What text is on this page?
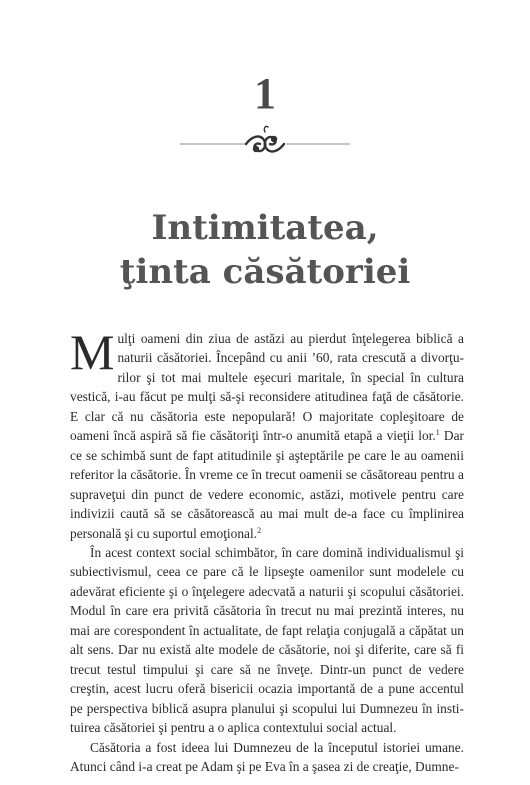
1
Intimitatea,
ţinta căsătoriei

Mulţi oameni din ziua de astăzi au pierdut înţelegerea biblică a naturii căsătoriei. Începând cu anii ’60, rata crescută a divorţurilor şi tot mai multele eşecuri maritale, în special în cultura vestică, i-au făcut pe mulţi să-şi reconsidere atitudinea faţă de căsătorie. E clar că nu căsătoria este nepopulară! O majoritate copleşitoare de oameni încă aspiră să fie căsătoriţi într-o anumită etapă a vieţii lor.$^1$ Dar ce se schimbă sunt de fapt atitudinile şi aşteptările pe care le au oamenii referitor la căsătorie. În vreme ce în trecut oamenii se căsătoreau pentru a supraveţui din punct de vedere economic, astăzi, motivele pentru care indivizii caută să se căsătorească au mai mult de-a face cu împlinirea personală şi cu suportul emoţional.$^2$

În acest context social schimbător, în care domină individualismul şi subiectivismul, ceea ce pare că le lipseşte oamenilor sunt modelele cu adevărat eficiente şi o înţelegere adecvată a naturii şi scopului căsătoriei. Modul în care era privită căsătoria în trecut nu mai prezintă interes, nu mai are corespondent în actualitate, de fapt relaţia conjugală a căpătat un alt sens. Dar nu există alte modele de căsătorie, noi şi diferite, care să fi trecut testul timpului şi care să ne înveţe. Dintr-un punct de vedere creştin, acest lucru oferă bisericii ocazia importantă de a pune accentul pe perspectiva biblică asupra planului şi scopului lui Dumnezeu în instituirea căsătoriei şi pentru a o aplica contextului social actual.

Căsătoria a fost ideea lui Dumnezeu de la începutul istoriei umane. Atunci când i-a creat pe Adam şi pe Eva în a şasea zi de creaţie, Dumne-
